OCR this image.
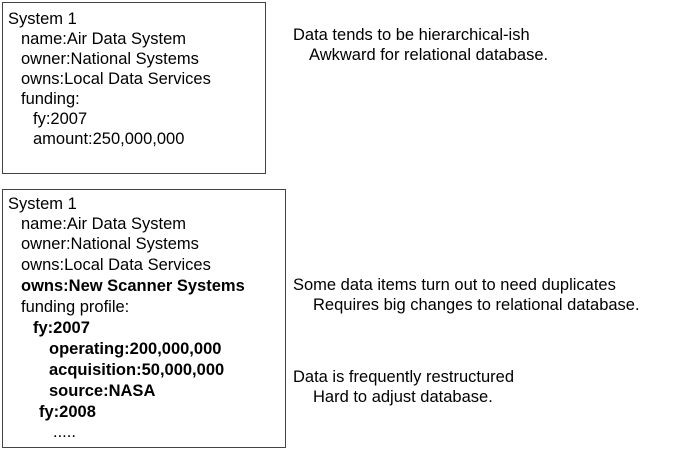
System 1
name:Air Data System
owner:National Systems
owns:Local Data Services
funding:
fy:2007
amount:250,000,000
System 1
name:Air Data System
owner:National Systems
owns:Local Data Services
owns:New Scanner Systems
funding profile:
fy:2007
operating:200,000,000
acquisition:50,000,000
source:NASA
fy:2008
.....
Data tends to be hierarchical-ish
Awkward for relational database.
Some data items turn out to need duplicates
Requires big changes to relational database.
Data is frequently restructured
Hard to adjust database.
